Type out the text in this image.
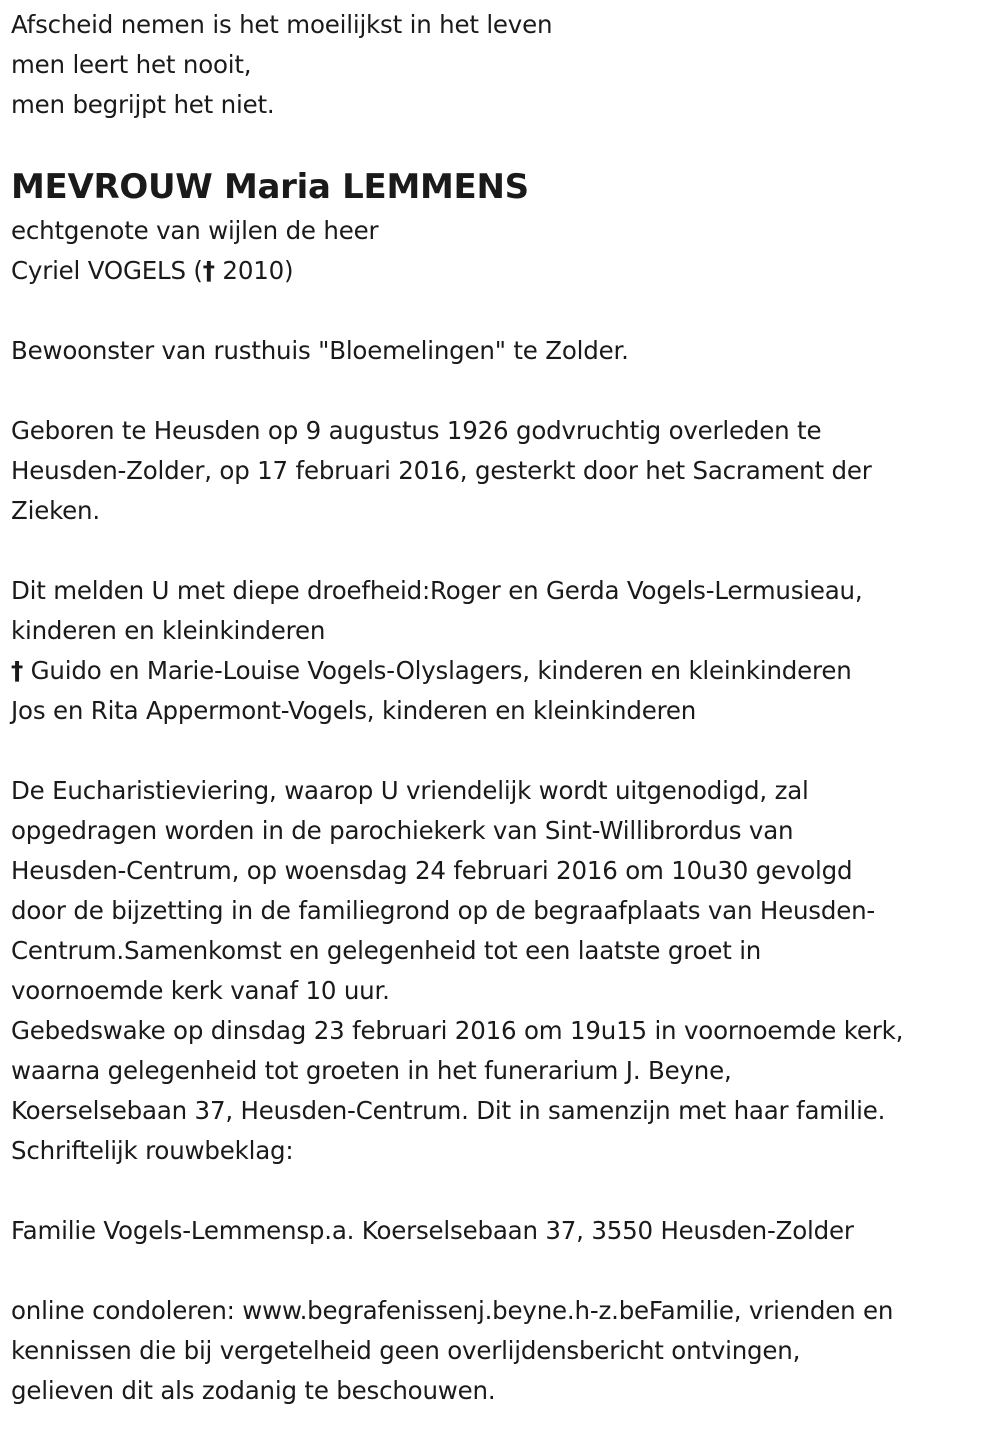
Afscheid nemen is het moeilijkst in het leven
men leert het nooit,
men begrijpt het niet.
MEVROUW Maria LEMMENS
echtgenote van wijlen de heer
Cyriel VOGELS († 2010)
Bewoonster van rusthuis "Bloemelingen" te Zolder.
Geboren te Heusden op 9 augustus 1926 godvruchtig overleden te
Heusden-Zolder, op 17 februari 2016, gesterkt door het Sacrament der
Zieken.
Dit melden U met diepe droefheid:Roger en Gerda Vogels-Lermusieau,
kinderen en kleinkinderen
† Guido en Marie-Louise Vogels-Olyslagers, kinderen en kleinkinderen
Jos en Rita Appermont-Vogels, kinderen en kleinkinderen
De Eucharistieviering, waarop U vriendelijk wordt uitgenodigd, zal
opgedragen worden in de parochiekerk van Sint-Willibrordus van
Heusden-Centrum, op woensdag 24 februari 2016 om 10u30 gevolgd
door de bijzetting in de familiegrond op de begraafplaats van Heusden-
Centrum.Samenkomst en gelegenheid tot een laatste groet in
voornoemde kerk vanaf 10 uur.
Gebedswake op dinsdag 23 februari 2016 om 19u15 in voornoemde kerk,
waarna gelegenheid tot groeten in het funerarium J. Beyne,
Koerselsebaan 37, Heusden-Centrum. Dit in samenzijn met haar familie.
Schriftelijk rouwbeklag:
Familie Vogels-Lemmensp.a. Koerselsebaan 37, 3550 Heusden-Zolder
online condoleren: www.begrafenissenj.beyne.h-z.beFamilie, vrienden en
kennissen die bij vergetelheid geen overlijdensbericht ontvingen,
gelieven dit als zodanig te beschouwen.
